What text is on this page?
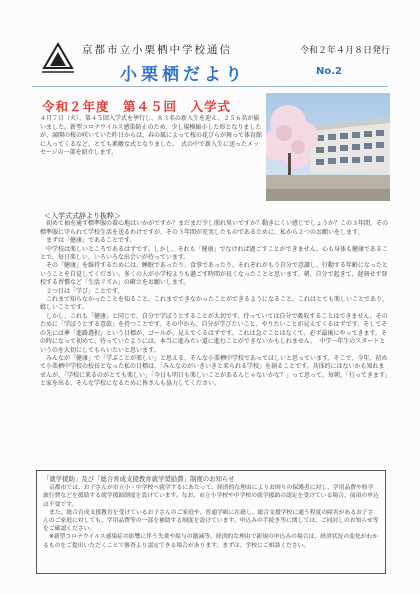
京都市立小栗栖中学校通信	令和２年４月８日発行
小栗栖だより	No.2
令和２年度　第４５回　入学式
４月７日（火）、第４５回入学式を挙行し、８３名の新入生を迎え、２５６名が揃いました。新型コロナウイルス感染防止のため、少し規模縮小した形となりましたが、満開の桜の咲いていた昨日からは、春の風によって桜の花びらが舞って体育館に入ってくるなど、とても素敵な式となりました。　式の中で新入生に送ったメッセージの一部を紹介します。
＜入学式式辞より抜粋＞

初めて袖を通す標準服の着心地はいかがですか？まだまだ少し照れ臭いですか？動きにくい感じでしょうか？この３年間、その標準服に守られて学校生活を送るわけですが、その３年間が充実したものであるために、私から２つのお願いをします。

まずは「健康」であることです。

中学校は楽しいところであるはずです。しかし、それも「健康」でなければ過ごすことができません。心も身体も健康であることで、毎日楽しい、いろいろな出会いが待っています。

その「健康」を維持するためには、睡眠であったり、食事であったり、それぞれがもう自分で意識し、行動する年齢になったということを自覚してください。多くの人が小学校よりも過ごす時間が長くなったことと思います。朝、自分で起きて、遅刻せず登校する習慣など「生活リズム」の確立をお願いします。

２つ目は「学び」ことです。

これまで知らなかったことを知ること。これまでできなかったことができるようになること。これはとても楽しいことであり、嬉しいことです。

しかし、これも「健康」と同じで、自分で学ぼうとすることが大切です。待っていては自分で吸収することはできません。そのために「学ぼうとする意欲」を持つことです。その中から、自分が学びたいこと、やりたいことが見えてくるはずです。そしてその先には夢「進路選択」という目標が、ゴールが、見えてくるはずです。これは急ぐことはなくて、必ず最後にやってきます。その時になって初めて、待っていたようには、本当に進みたい道に進むことができないかもしれません。　中学一年生のスタートというのを大切にしてもらいたいと思います。

みんなが「健康」で「学ぶことが楽しい」と思える、そんな小栗栖中学校であってほしいと思っています。そこで、今年、初めて小栗栖中学校の校長となった私の目標は、「みんなのがいきいきと来られる学校」を創ることです。具体的にはないかも知れませんが、「学校に来るのがとても楽しい」「今日も明日も楽しいことがあるんじゃないかな？」って思って、毎朝、「行ってきます」と家を出る、そんな学校になるために皆さんも協力してください。

「就学援助」及び「総合育成支援教育就学奨励費」制度のお知らせ

京都市では、お子さんが市立小・中学校へ就学するにあたって、経済的な理由によりお困りの保護者に対し、学用品費や修学旅行費などを援助する就学援助制度を設けています。なお、市立小学校や中学校の就学援助の認定を受けている場合、前項の申込は不要です。

また、総合育成支援教育を受けているお子さんのご家庭や、普通学級に在籍し、総合支援学校に通う程度の障害があるお子さんのご家庭に対しても、学用品費等の一部を補助する制度を設けています。申込みの手続き等に関しては、ご同封しのお知らせ等をご確認ください。

※新型コロナウイルス感染症の影響に伴う失業や給与の激減等、経済的な理由で新規の申込みの場合は、経済状況の変化がわかるものをご提出いただくことで審査より認定できる場合があります。まずは、学校にご相談ください。
